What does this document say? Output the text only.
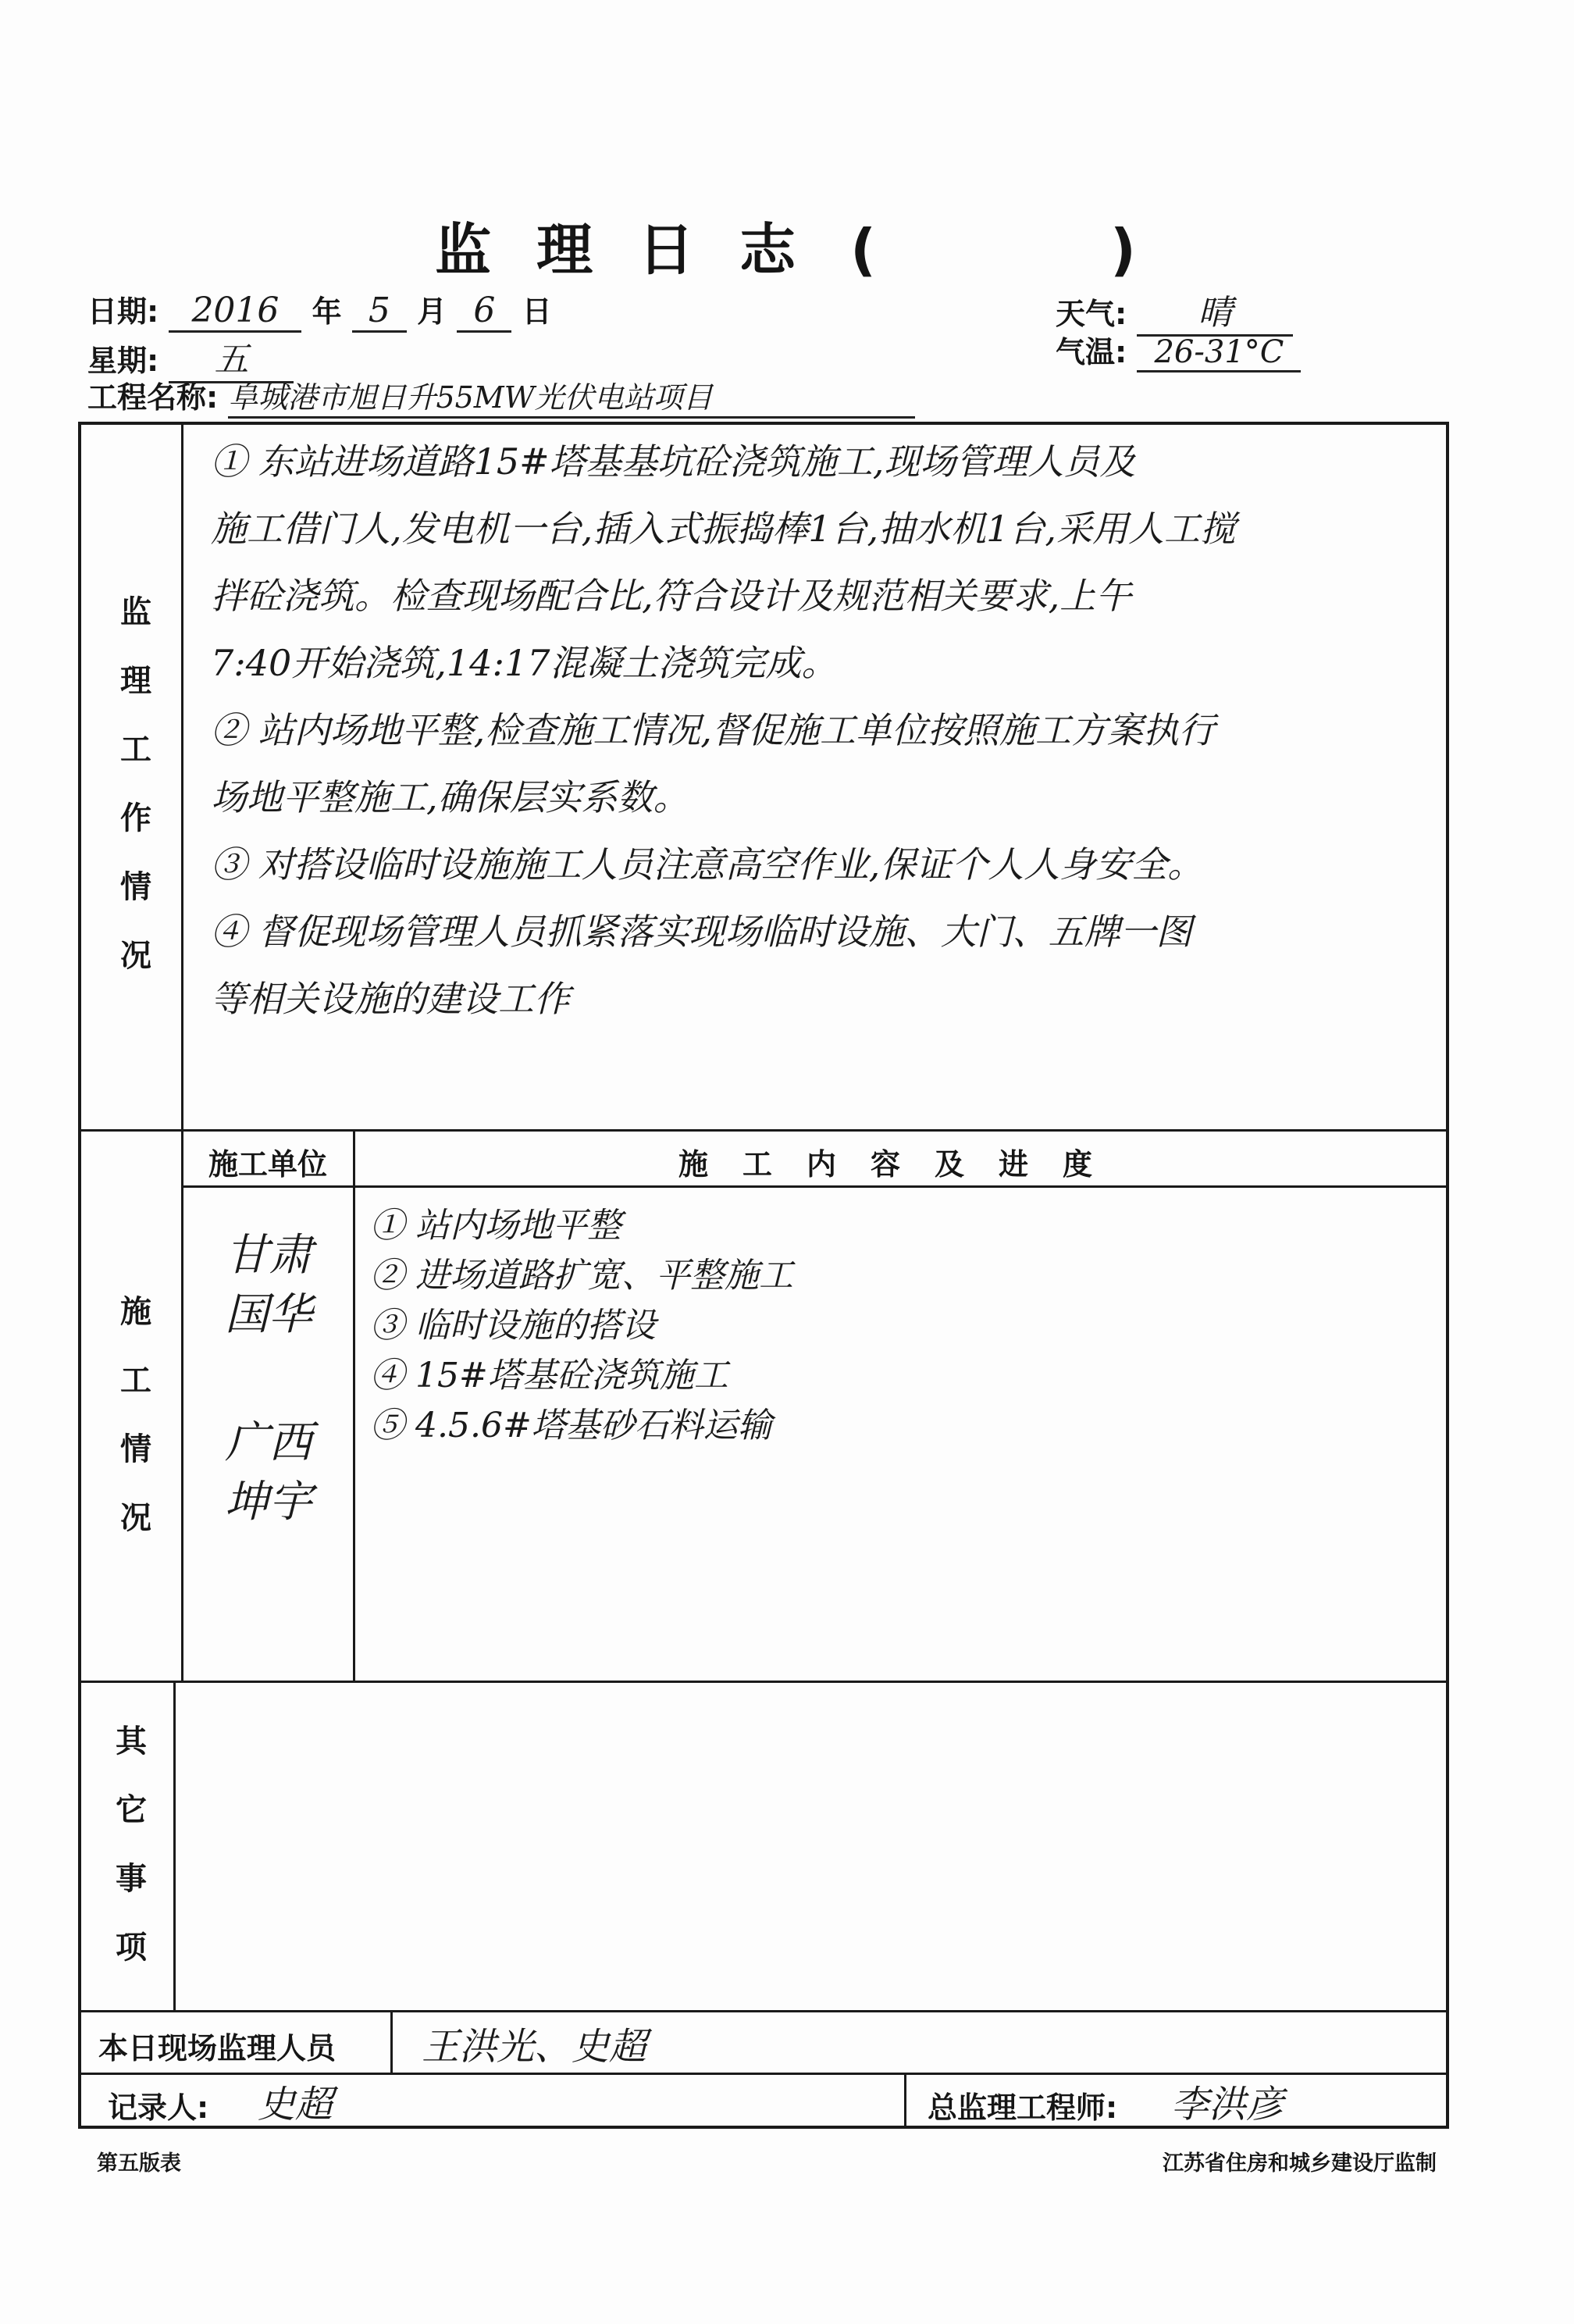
监理日志 (	)
日期: 2016 年 5 月 6 日
星期: 五
工程名称: 阜城港市旭日升55MW光伏电站项目
天气: 晴
气温: 26-31°C
监
理
工
作
情
况
① 东站进场道路15#塔基基坑砼浇筑施工,现场管理人员及
施工借门人,发电机一台,插入式振捣棒1台,抽水机1台,采用人工搅
拌砼浇筑。检查现场配合比,符合设计及规范相关要求,上午
7:40开始浇筑,14:17混凝土浇筑完成。
② 站内场地平整,检查施工情况,督促施工单位按照施工方案执行
场地平整施工,确保层实系数。
③ 对搭设临时设施施工人员注意高空作业,保证个人人身安全。
④ 督促现场管理人员抓紧落实现场临时设施、大门、五牌一图
等相关设施的建设工作
施工单位	施工内容及进度
施
工
情
况
甘肃
国华
广西
坤宇
① 站内场地平整
② 进场道路扩宽、平整施工
③ 临时设施的搭设
④ 15#塔基砼浇筑施工
⑤ 4.5.6#塔基砂石料运输
其
它
事
项
本日现场监理人员 王洪光、史超
记录人: 史超	总监理工程师: 李洪彦
第五版表	江苏省住房和城乡建设厅监制
